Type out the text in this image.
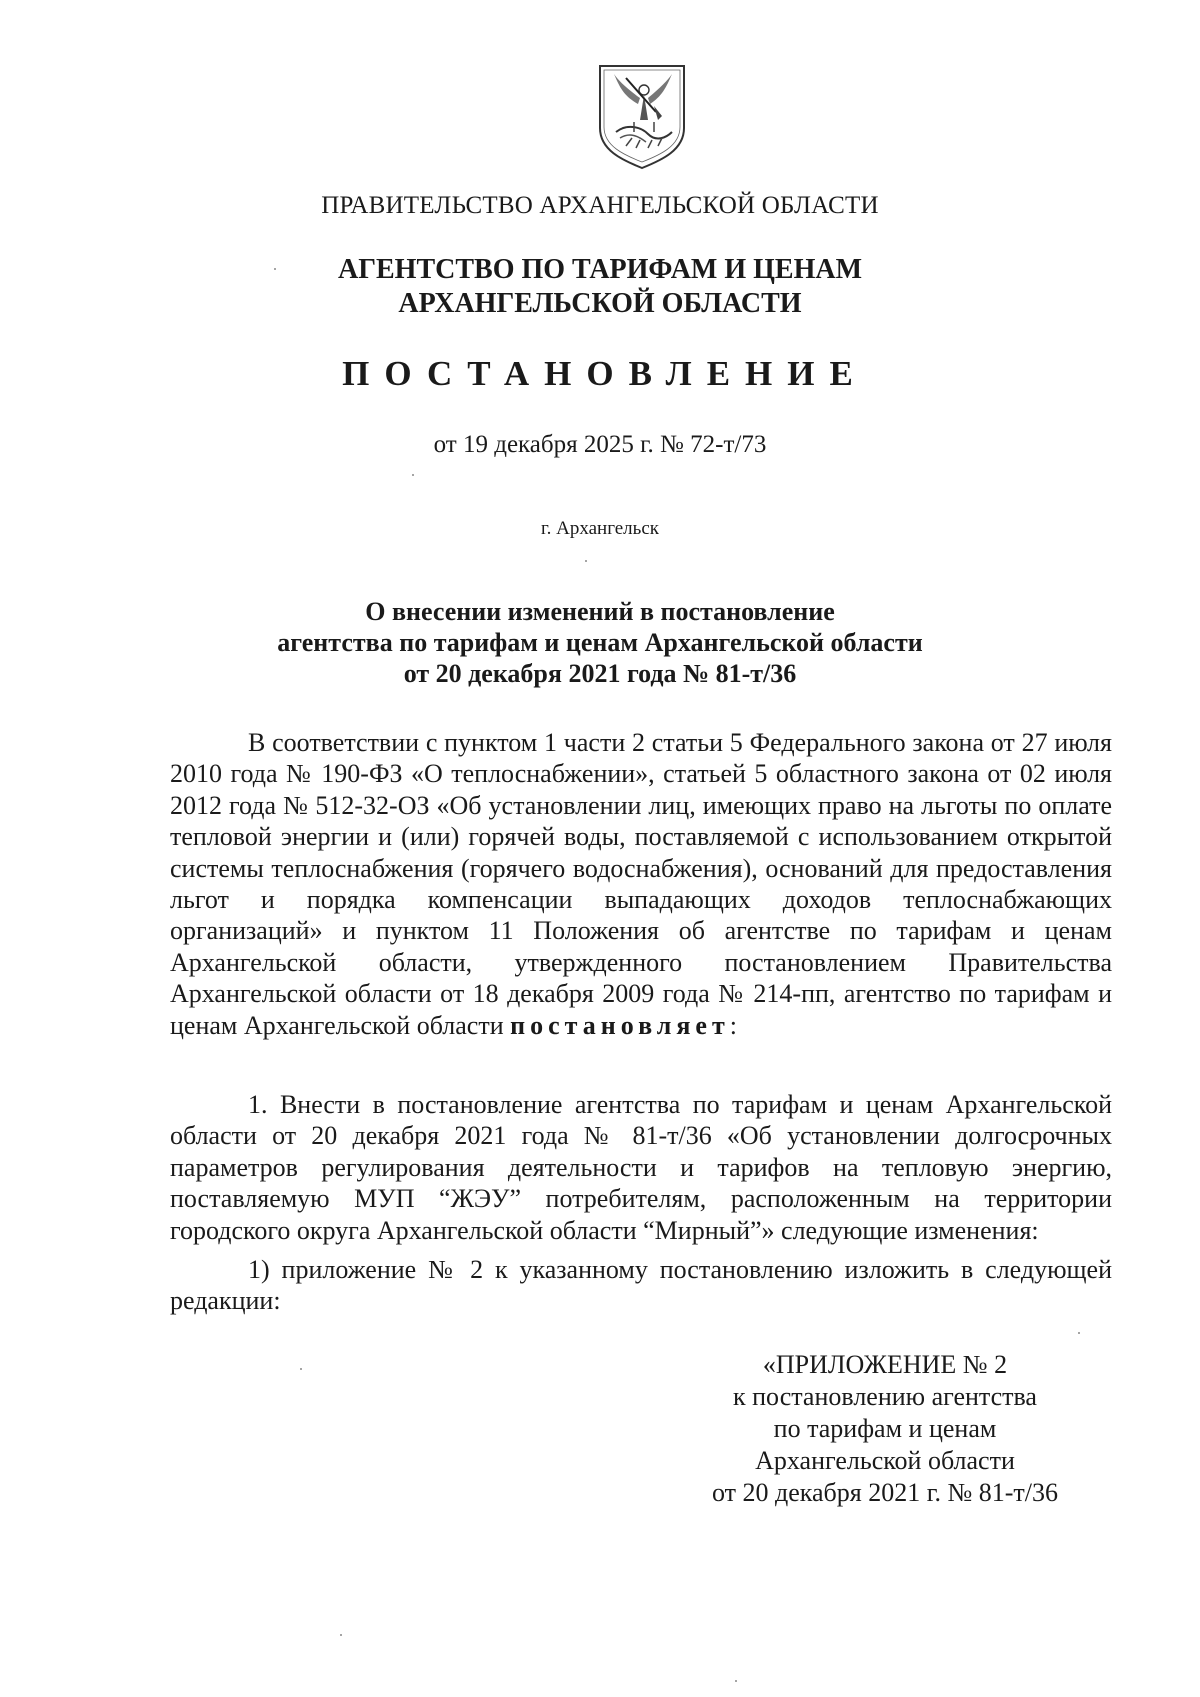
ПРАВИТЕЛЬСТВО АРХАНГЕЛЬСКОЙ ОБЛАСТИ
АГЕНТСТВО ПО ТАРИФАМ И ЦЕНАМ
АРХАНГЕЛЬСКОЙ ОБЛАСТИ
ПОСТАНОВЛЕНИЕ
от 19 декабря 2025 г. № 72-т/73
г. Архангельск
О внесении изменений в постановление
агентства по тарифам и ценам Архангельской области
от 20 декабря 2021 года № 81-т/36
В соответствии с пунктом 1 части 2 статьи 5 Федерального закона от 27 июля 2010 года № 190-ФЗ «О теплоснабжении», статьей 5 областного закона от 02 июля 2012 года № 512-32-ОЗ «Об установлении лиц, имеющих право на льготы по оплате тепловой энергии и (или) горячей воды, поставляемой с использованием открытой системы теплоснабжения (горячего водоснабжения), оснований для предоставления льгот и порядка компенсации выпадающих доходов теплоснабжающих организаций» и пунктом 11 Положения об агентстве по тарифам и ценам Архангельской области, утвержденного постановлением Правительства Архангельской области от 18 декабря 2009 года № 214-пп, агентство по тарифам и ценам Архангельской области постановляет:
1. Внести в постановление агентства по тарифам и ценам Архангельской области от 20 декабря 2021 года № 81-т/36 «Об установлении долгосрочных параметров регулирования деятельности и тарифов на тепловую энергию, поставляемую МУП “ЖЭУ” потребителям, расположенным на территории городского округа Архангельской области “Мирный”» следующие изменения:
1) приложение № 2 к указанному постановлению изложить в следующей редакции:
«ПРИЛОЖЕНИЕ № 2
к постановлению агентства
по тарифам и ценам
Архангельской области
от 20 декабря 2021 г. № 81-т/36
